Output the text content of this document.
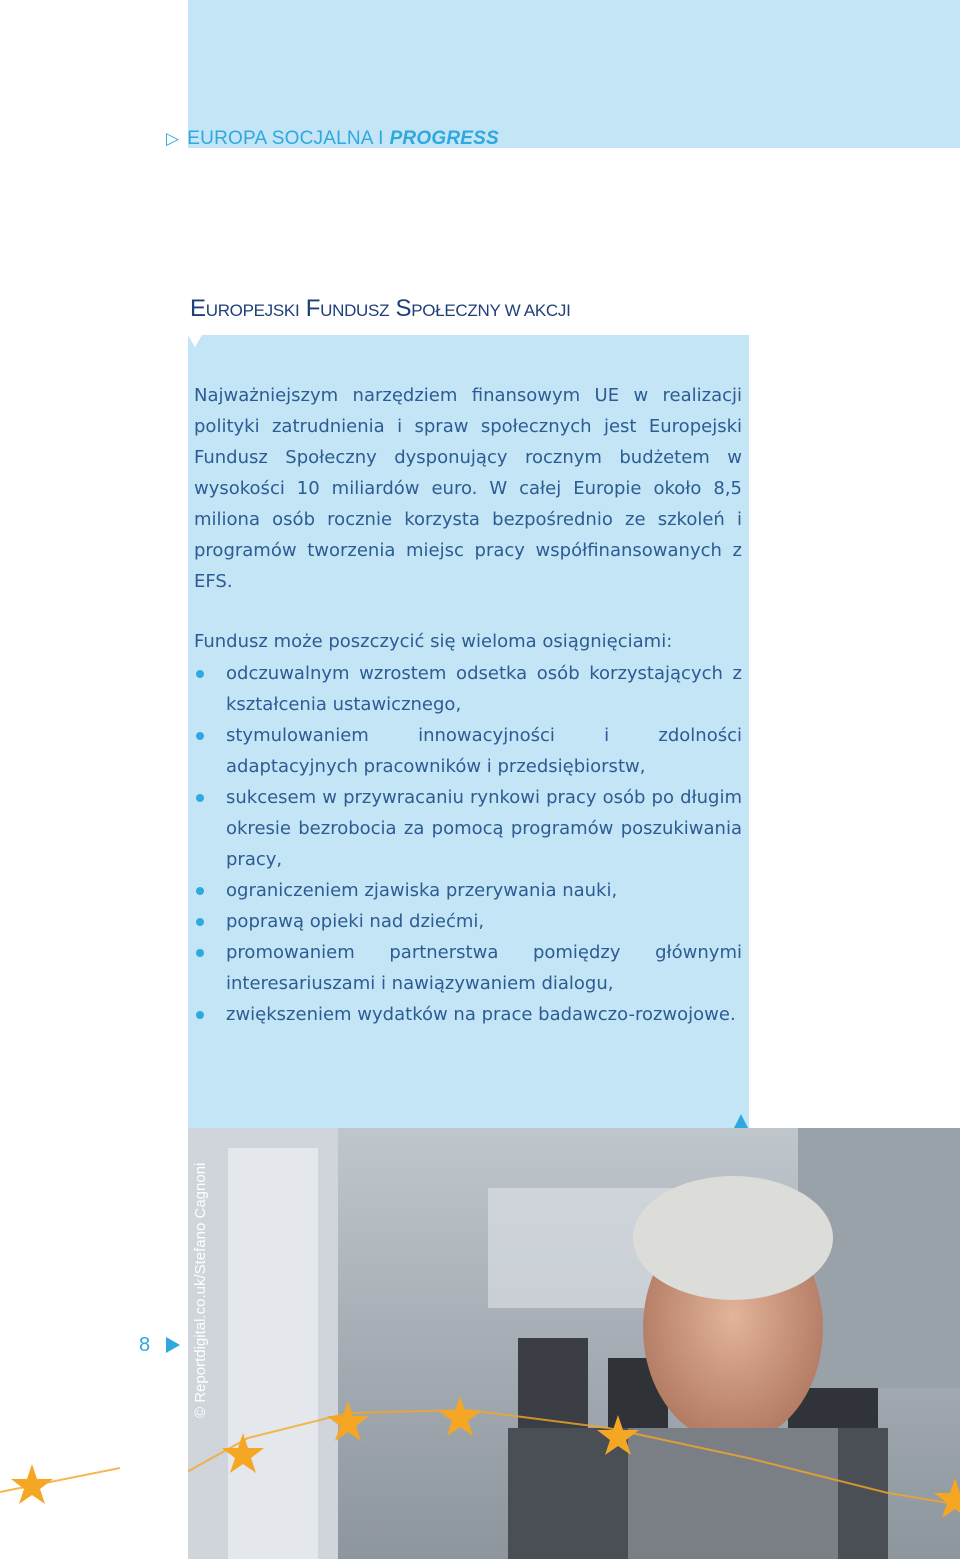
▷ EUROPA SOCJALNA I PROGRESS
EUROPEJSKI FUNDUSZ SPOŁECZNY W AKCJI

Najważniejszym narzędziem finansowym UE w realizacji polityki zatrudnienia i spraw społecznych jest Europejski Fundusz Społeczny dysponujący rocznym budżetem w wysokości 10 miliardów euro. W całej Europie około 8,5 miliona osób rocznie korzysta bezpośrednio ze szkoleń i programów tworzenia miejsc pracy współfinansowanych z EFS.

Fundusz może poszczycić się wieloma osiągnięciami:

odczuwalnym wzrostem odsetka osób korzystających z kształcenia ustawicznego,
stymulowaniem innowacyjności i zdolności adaptacyjnych pracowników i przedsiębiorstw,
sukcesem w przywracaniu rynkowi pracy osób po długim okresie bezrobocia za pomocą programów poszukiwania pracy,
ograniczeniem zjawiska przerywania nauki,
poprawą opieki nad dziećmi,
promowaniem partnerstwa pomiędzy głównymi interesariuszami i nawiązywaniem dialogu,
zwiększeniem wydatków na prace badawczo-rozwojowe.
8	© Reportdigital.co.uk/Stefano Cagnoni
